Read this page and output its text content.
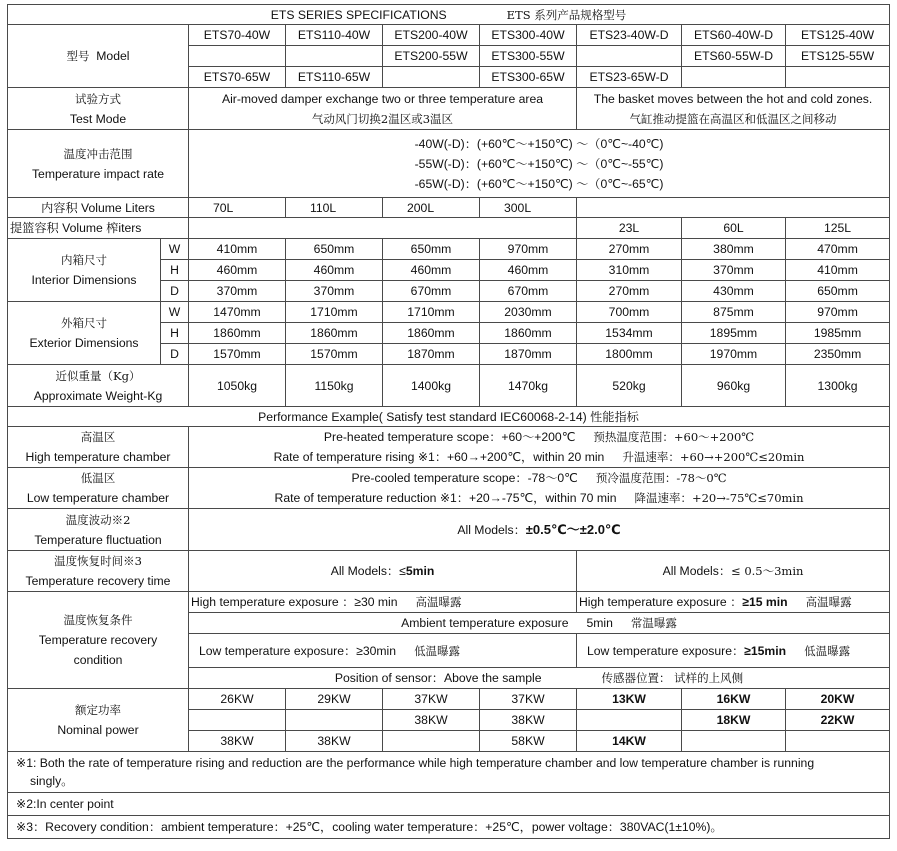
ETS SERIES SPECIFICATIONS ETS 系列产品规格型号								
型号 Model		ETS70-40W	ETS110-40W	ETS200-40W	ETS300-40W	ETS23-40W-D	ETS60-40W-D	ETS125-40W
				ETS200-55W	ETS300-55W		ETS60-55W-D	ETS125-55W
		ETS70-65W	ETS110-65W		ETS300-65W	ETS23-65W-D		

试验方式
Test Mode		Air-moved damper exchange two or three temperature area
气动风门切换2温区或3温区				The basket moves between the hot and cold zones.
气缸推动提篮在高温区和低温区之间移动		

温度冲击范围
Temperature impact rate		-40W(-D)：(+60℃～+150℃) ～（0℃~-40℃)
-55W(-D)：(+60℃～+150℃) ～（0℃~-55℃)
-65W(-D)：(+60℃～+150℃) ～（0℃~-65℃)						

内容积 Volume Liters		70L	110L	200L	300L			
提篮容积 Volume 榨iters						23L	60L	125L

内箱尺寸
Interior Dimensions	W	410mm	650mm	650mm	970mm	270mm	380mm	470mm
	H	460mm	460mm	460mm	460mm	310mm	370mm	410mm
	D	370mm	370mm	670mm	670mm	270mm	430mm	650mm

外箱尺寸
Exterior Dimensions	W	1470mm	1710mm	1710mm	2030mm	700mm	875mm	970mm
	H	1860mm	1860mm	1860mm	1860mm	1534mm	1895mm	1985mm
	D	1570mm	1570mm	1870mm	1870mm	1800mm	1970mm	2350mm

近似重量（Kg）
Approximate Weight-Kg		1050kg	1150kg	1400kg	1470kg	520kg	960kg	1300kg
Performance Example( Satisfy test standard IEC60068-2-14) 性能指标								

高温区
High temperature chamber		Pre-heated temperature scope：+60～+200℃ 预热温度范围：+60～+200℃
Rate of temperature rising ※1：+60→+200℃，within 20 min 升温速率：+60→+200℃≤20min						

低温区
Low temperature chamber		Pre-cooled temperature scope：-78～0℃ 预冷温度范围：-78～0℃
Rate of temperature reduction ※1：+20→-75℃，within 70 min 降温速率：+20→-75℃≤70min						

温度波动※2
Temperature fluctuation		All Models：±0.5℃～±2.0℃						

温度恢复时间※3
Temperature recovery time		All Models：≤5min				All Models：≤ 0.5～3min		

温度恢复条件
Temperature recovery
condition		High temperature exposure ：≥30 min 高温曝露				High temperature exposure ：≥15 min 高温曝露		
		Ambient temperature exposure 5min 常温曝露						
		Low temperature exposure：≥30min 低温曝露				Low temperature exposure：≥15min 低温曝露		
		Position of sensor：Above the sample 传感器位置： 试样的上风侧						

额定功率
Nominal power		26KW	29KW	37KW	37KW	13KW	16KW	20KW
				38KW	38KW		18KW	22KW
		38KW	38KW		58KW	14KW		
※1: Both the rate of temperature rising and reduction are the performance while high temperature chamber and low temperature chamber is running
singly。								
※2:In center point								
※3：Recovery condition：ambient temperature：+25℃，cooling water temperature：+25℃，power voltage：380VAC(1±10%)。								
